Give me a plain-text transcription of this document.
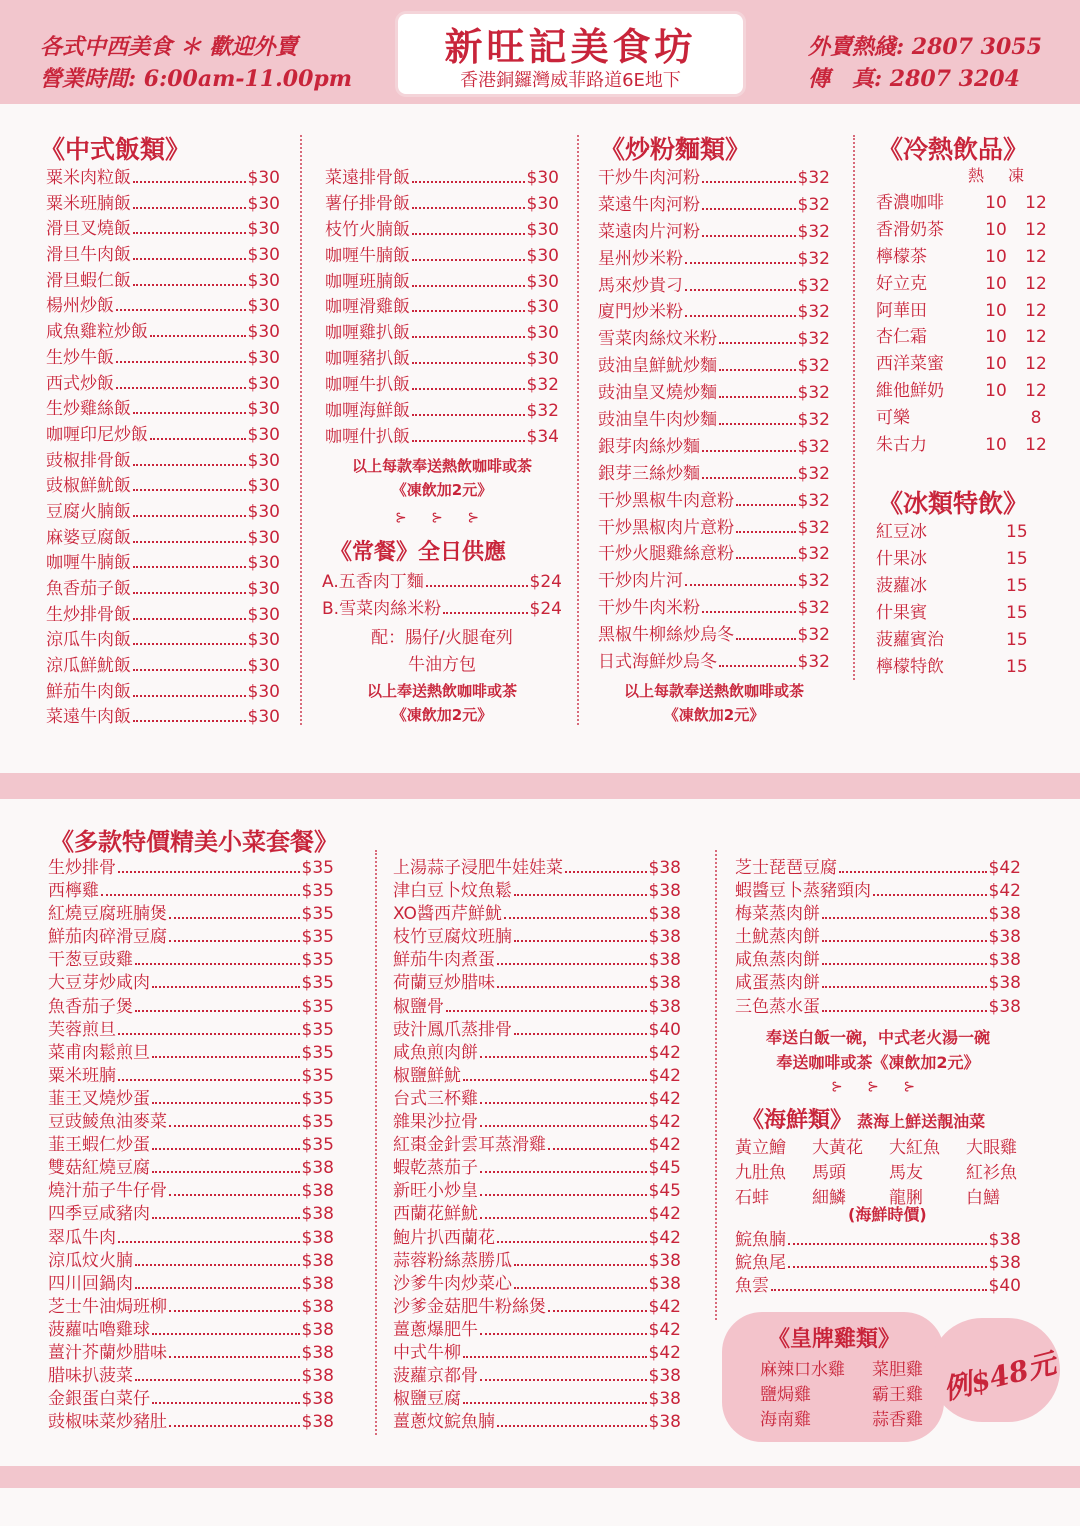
各式中西美食 ＊ 歡迎外賣
營業時間: 6:00am-11.00pm
新旺記美食坊
香港銅鑼灣威菲路道6E地下
外賣熱綫: 2807 3055
傳　真: 2807 3204
《中式飯類》
粟米肉粒飯	$30
粟米班腩飯	$30
滑旦叉燒飯	$30
滑旦牛肉飯	$30
滑旦蝦仁飯	$30
楊州炒飯	$30
咸魚雞粒炒飯	$30
生炒牛飯	$30
西式炒飯	$30
生炒雞絲飯	$30
咖喱印尼炒飯	$30
豉椒排骨飯	$30
豉椒鮮魷飯	$30
豆腐火腩飯	$30
麻婆豆腐飯	$30
咖喱牛腩飯	$30
魚香茄子飯	$30
生炒排骨飯	$30
涼瓜牛肉飯	$30
涼瓜鮮魷飯	$30
鮮茄牛肉飯	$30
菜遠牛肉飯	$30
菜遠排骨飯	$30
薯仔排骨飯	$30
枝竹火腩飯	$30
咖喱牛腩飯	$30
咖喱班腩飯	$30
咖喱滑雞飯	$30
咖喱雞扒飯	$30
咖喱豬扒飯	$30
咖喱牛扒飯	$32
咖喱海鮮飯	$32
咖喱什扒飯	$34
以上每款奉送熱飲咖啡或茶
《凍飲加2元》
⊱ ⊱ ⊱
《常餐》全日供應
A.五香肉丁麵	$24
B.雪菜肉絲米粉	$24
配：腸仔/火腿奄列
牛油方包
以上奉送熱飲咖啡或茶
《凍飲加2元》
《炒粉麵類》
干炒牛肉河粉	$32
菜遠牛肉河粉	$32
菜遠肉片河粉	$32
星州炒米粉	$32
馬來炒貴刁	$32
廈門炒米粉	$32
雪菜肉絲炆米粉	$32
豉油皇鮮魷炒麵	$32
豉油皇叉燒炒麵	$32
豉油皇牛肉炒麵	$32
銀芽肉絲炒麵	$32
銀芽三絲炒麵	$32
干炒黑椒牛肉意粉	$32
干炒黑椒肉片意粉	$32
干炒火腿雞絲意粉	$32
干炒肉片河	$32
干炒牛肉米粉	$32
黑椒牛柳絲炒烏冬	$32
日式海鮮炒烏冬	$32
以上每款奉送熱飲咖啡或茶
《凍飲加2元》
《冷熱飲品》
熱	凍
香濃咖啡	10	12
香滑奶茶	10	12
檸檬茶	10	12
好立克	10	12
阿華田	10	12
杏仁霜	10	12
西洋菜蜜	10	12
維他鮮奶	10	12
可樂	8
朱古力	10	12
《冰類特飲》
紅豆冰	15
什果冰	15
菠蘿冰	15
什果賓	15
菠蘿賓治	15
檸檬特飲	15
《多款特價精美小菜套餐》
生炒排骨	$35
西檸雞	$35
紅燒豆腐班腩煲	$35
鮮茄肉碎滑豆腐	$35
干葱豆豉雞	$35
大豆芽炒咸肉	$35
魚香茄子煲	$35
芙蓉煎旦	$35
菜甫肉鬆煎旦	$35
粟米班腩	$35
韮王叉燒炒蛋	$35
豆豉鯪魚油麥菜	$35
韮王蝦仁炒蛋	$35
雙菇紅燒豆腐	$38
燒汁茄子牛仔骨	$38
四季豆咸豬肉	$38
翠瓜牛肉	$38
涼瓜炆火腩	$38
四川回鍋肉	$38
芝士牛油焗班柳	$38
菠蘿咕嚕雞球	$38
薑汁芥蘭炒腊味	$38
腊味扒菠菜	$38
金銀蛋白菜仔	$38
豉椒味菜炒豬肚	$38
上湯蒜子浸肥牛娃娃菜	$38
津白豆卜炆魚鬆	$38
XO醬西芹鮮魷	$38
枝竹豆腐炆班腩	$38
鮮茄牛肉煮蛋	$38
荷蘭豆炒腊味	$38
椒鹽骨	$38
豉汁鳳爪蒸排骨	$40
咸魚煎肉餅	$42
椒鹽鮮魷	$42
台式三杯雞	$42
雜果沙拉骨	$42
紅棗金針雲耳蒸滑雞	$42
蝦乾蒸茄子	$45
新旺小炒皇	$45
西蘭花鮮魷	$42
鮑片扒西蘭花	$42
蒜蓉粉絲蒸勝瓜	$38
沙爹牛肉炒菜心	$38
沙爹金菇肥牛粉絲煲	$42
薑蔥爆肥牛	$42
中式牛柳	$42
菠蘿京都骨	$38
椒鹽豆腐	$38
薑蔥炆鯇魚腩	$38
芝士琵琶豆腐	$42
蝦醬豆卜蒸豬頸肉	$42
梅菜蒸肉餅	$38
土魷蒸肉餅	$38
咸魚蒸肉餅	$38
咸蛋蒸肉餅	$38
三色蒸水蛋	$38
奉送白飯一碗，中式老火湯一碗
奉送咖啡或茶《凍飲加2元》
⊱ ⊱ ⊱
《海鮮類》 蒸海上鮮送靚油菜
黃立鱠	大黃花	大紅魚	大眼雞
九肚魚	馬頭	馬友	紅衫魚
石蚌	細鱗	龍脷	白鱔
(海鮮時價)
鯇魚腩	$38
鯇魚尾	$38
魚雲	$40
《皇牌雞類》
麻辣口水雞	菜胆雞
鹽焗雞	霸王雞
海南雞	蒜香雞
例$48元
